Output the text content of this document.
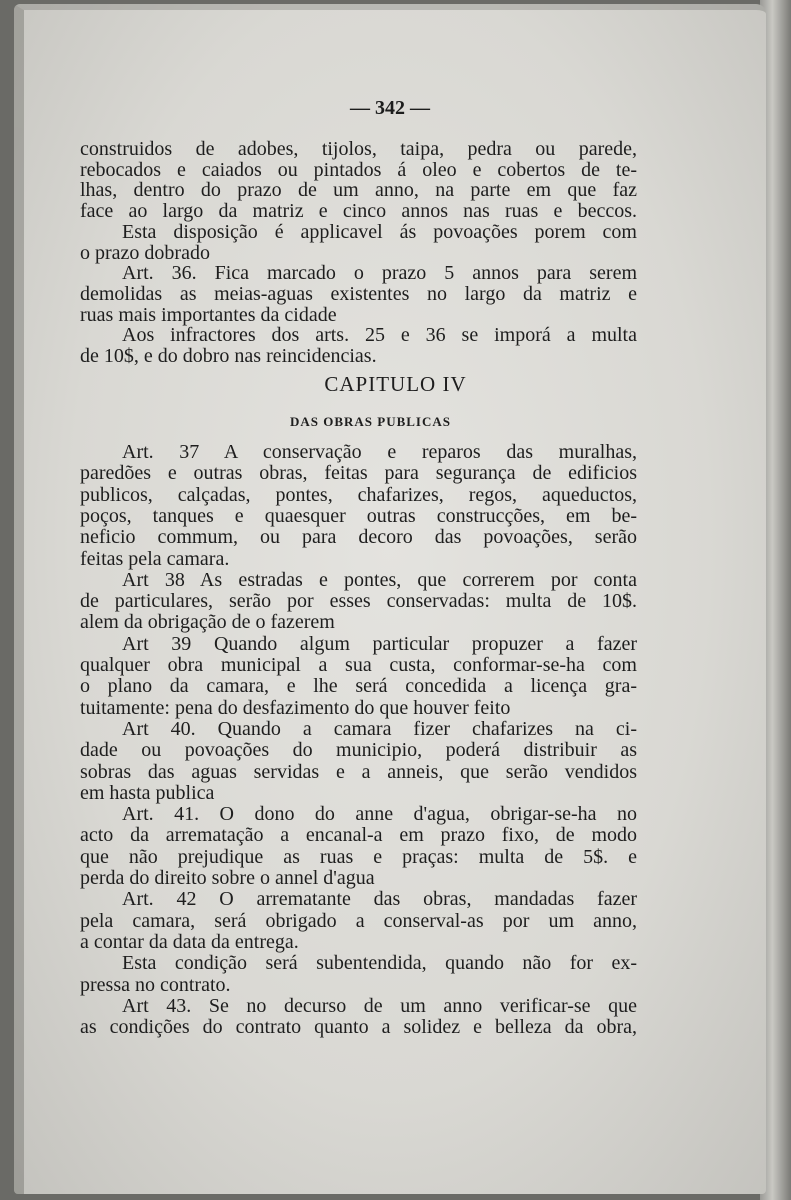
— 342 —
CAPITULO IV
DAS OBRAS PUBLICAS
construidos de adobes, tijolos, taipa, pedra ou parede,
rebocados e caiados ou pintados á oleo e cobertos de te-
lhas, dentro do prazo de um anno, na parte em que faz
face ao largo da matriz e cinco annos nas ruas e beccos.
Esta disposição é applicavel ás povoações porem com
o prazo dobrado
Art. 36. Fica marcado o prazo 5 annos para serem
demolidas as meias-aguas existentes no largo da matriz e
ruas mais importantes da cidade
Aos infractores dos arts. 25 e 36 se imporá a multa
de 10$, e do dobro nas reincidencias.
Art. 37 A conservação e reparos das muralhas,
paredões e outras obras, feitas para segurança de edificios
publicos, calçadas, pontes, chafarizes, regos, aqueductos,
poços, tanques e quaesquer outras construcções, em be-
neficio commum, ou para decoro das povoações, serão
feitas pela camara.
Art 38 As estradas e pontes, que correrem por conta
de particulares, serão por esses conservadas: multa de 10$.
alem da obrigação de o fazerem
Art 39 Quando algum particular propuzer a fazer
qualquer obra municipal a sua custa, conformar-se-ha com
o plano da camara, e lhe será concedida a licença gra-
tuitamente: pena do desfazimento do que houver feito
Art 40. Quando a camara fizer chafarizes na ci-
dade ou povoações do municipio, poderá distribuir as
sobras das aguas servidas e a anneis, que serão vendidos
em hasta publica
Art. 41. O dono do anne d'agua, obrigar-se-ha no
acto da arrematação a encanal-a em prazo fixo, de modo
que não prejudique as ruas e praças: multa de 5$. e
perda do direito sobre o annel d'agua
Art. 42 O arrematante das obras, mandadas fazer
pela camara, será obrigado a conserval-as por um anno,
a contar da data da entrega.
Esta condição será subentendida, quando não for ex-
pressa no contrato.
Art 43. Se no decurso de um anno verificar-se que
as condições do contrato quanto a solidez e belleza da obra,
